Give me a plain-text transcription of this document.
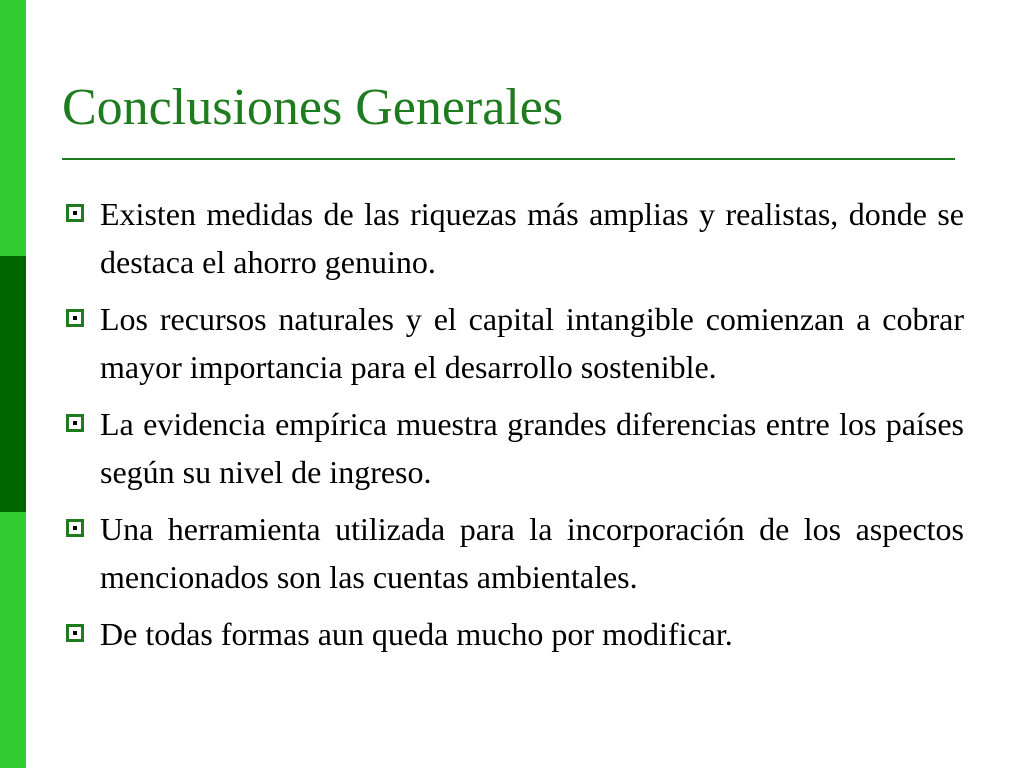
Conclusiones Generales
Existen medidas de las riquezas más amplias y realistas, donde se destaca el ahorro genuino.
Los recursos naturales y el capital intangible comienzan a cobrar mayor importancia para el desarrollo sostenible.
La evidencia empírica muestra grandes diferencias entre los países según su nivel de ingreso.
Una herramienta utilizada para la incorporación de los aspectos mencionados son las cuentas ambientales.
De todas formas aun queda mucho por modificar.
